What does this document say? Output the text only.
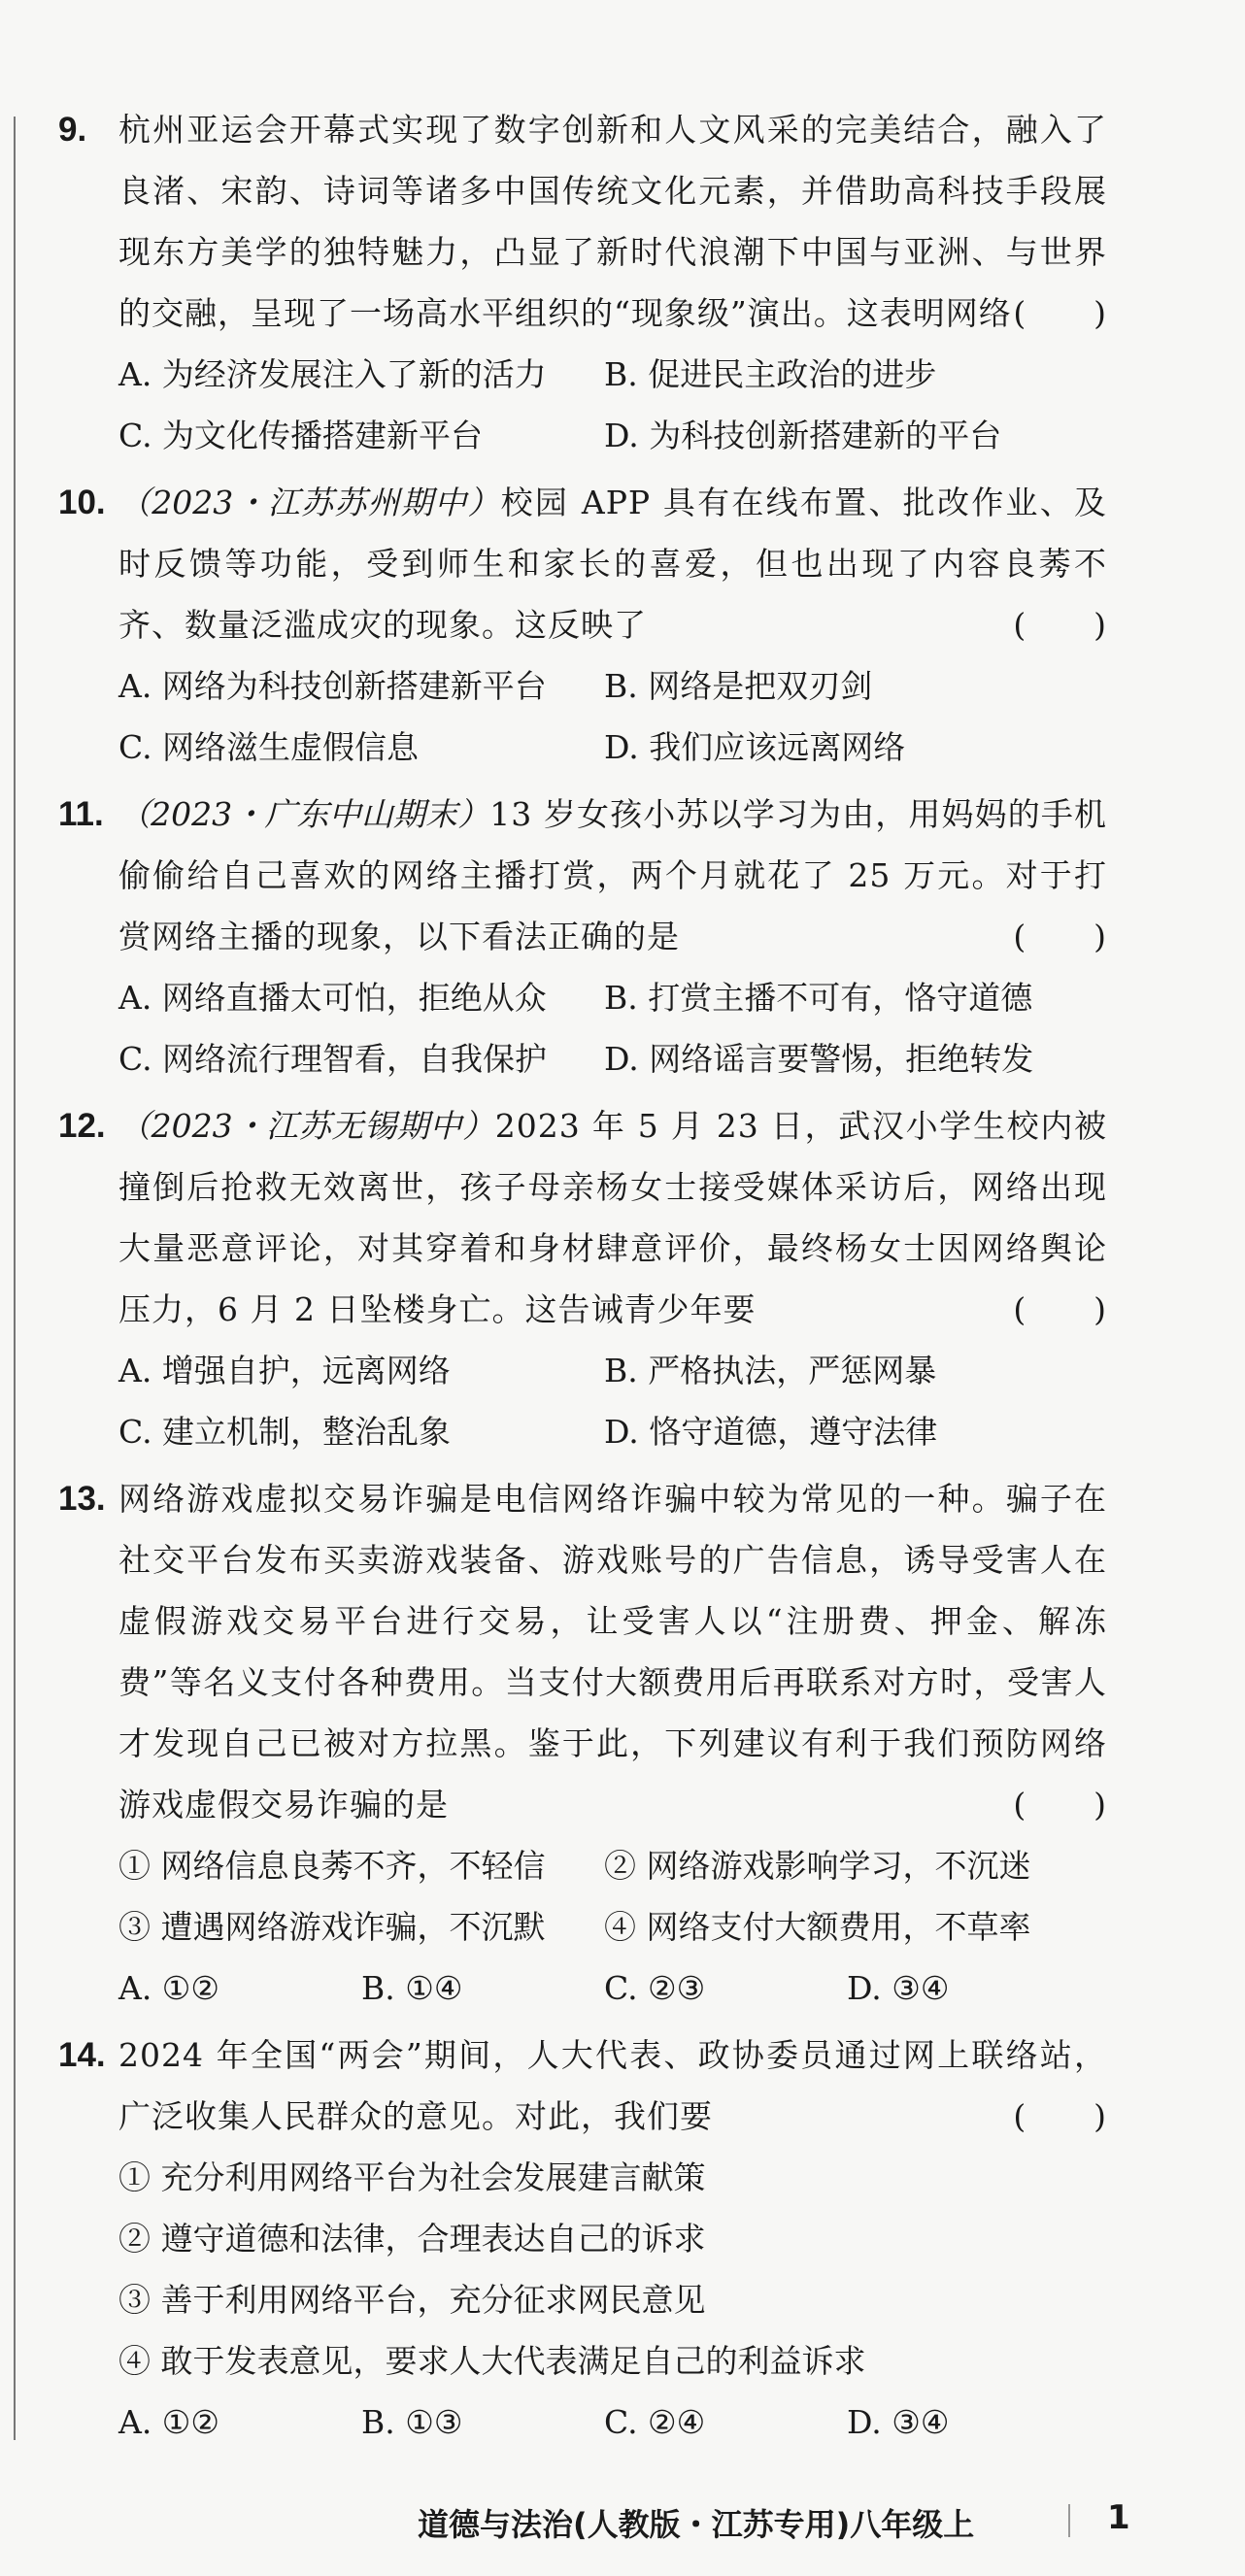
9. 杭州亚运会开幕式实现了数字创新和人文风采的完美结合，融入了良渚、宋韵、诗词等诸多中国传统文化元素，并借助高科技手段展现东方美学的独特魅力，凸显了新时代浪潮下中国与亚洲、与世界的交融，呈现了一场高水平组织的“现象级”演出。这表明网络 (      )
A. 为经济发展注入了新的活力	B. 促进民主政治的进步
C. 为文化传播搭建新平台	D. 为科技创新搭建新的平台
10. （2023・江苏苏州期中）校园 APP 具有在线布置、批改作业、及时反馈等功能，受到师生和家长的喜爱，但也出现了内容良莠不齐、数量泛滥成灾的现象。这反映了	(      )
A. 网络为科技创新搭建新平台	B. 网络是把双刃剑
C. 网络滋生虚假信息	D. 我们应该远离网络
11. （2023・广东中山期末）13 岁女孩小苏以学习为由，用妈妈的手机偷偷给自己喜欢的网络主播打赏，两个月就花了 25 万元。对于打赏网络主播的现象，以下看法正确的是	(      )
A. 网络直播太可怕，拒绝从众	B. 打赏主播不可有，恪守道德
C. 网络流行理智看，自我保护	D. 网络谣言要警惕，拒绝转发
12. （2023・江苏无锡期中）2023 年 5 月 23 日，武汉小学生校内被撞倒后抢救无效离世，孩子母亲杨女士接受媒体采访后，网络出现大量恶意评论，对其穿着和身材肆意评价，最终杨女士因网络舆论压力，6 月 2 日坠楼身亡。这告诫青少年要	(      )
A. 增强自护，远离网络	B. 严格执法，严惩网暴
C. 建立机制，整治乱象	D. 恪守道德，遵守法律
13. 网络游戏虚拟交易诈骗是电信网络诈骗中较为常见的一种。骗子在社交平台发布买卖游戏装备、游戏账号的广告信息，诱导受害人在虚假游戏交易平台进行交易，让受害人以“注册费、押金、解冻费”等名义支付各种费用。当支付大额费用后再联系对方时，受害人才发现自己已被对方拉黑。鉴于此，下列建议有利于我们预防网络游戏虚假交易诈骗的是	(      )
① 网络信息良莠不齐，不轻信	② 网络游戏影响学习，不沉迷
③ 遭遇网络游戏诈骗，不沉默	④ 网络支付大额费用，不草率
A. ①②	B. ①④	C. ②③	D. ③④
14. 2024 年全国“两会”期间，人大代表、政协委员通过网上联络站，广泛收集人民群众的意见。对此，我们要	(      )
① 充分利用网络平台为社会发展建言献策
② 遵守道德和法律，合理表达自己的诉求
③ 善于利用网络平台，充分征求网民意见
④ 敢于发表意见，要求人大代表满足自己的利益诉求
A. ①②	B. ①③	C. ②④	D. ③④
道德与法治(人教版・江苏专用)八年级上	1
